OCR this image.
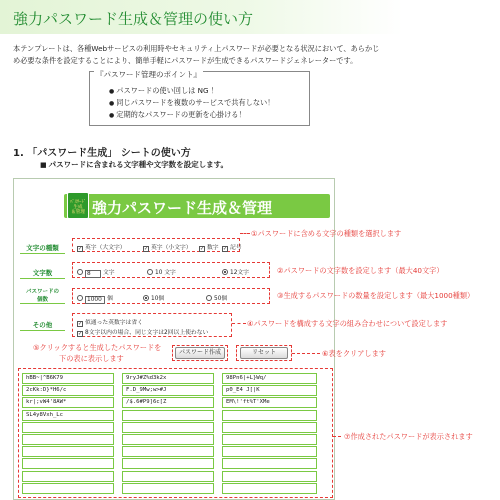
強力パスワード生成＆管理の使い方
本テンプレートは、各種Webサービスの利用時やセキュリティ上パスワードが必要となる状況において、あらかじ
め必要な条件を設定することにより、簡単手軽にパスワードが生成できるパスワードジェネレーターです。
『パスワード管理のポイント』
● パスワードの使い回しは NG ！
● 同じパスワードを複数のサービスで共有しない！
● 定期的なパスワードの更新を心掛ける！
1. 「パスワード生成」 シートの使い方
■ パスワードに含まれる文字種や文字数を設定します。
ﾊﾟｽﾜｰﾄﾞ
生成
＆管理 強力パスワード生成＆管理
文字の種類	✓ 英字（大文字）	✓ 英字（小文字） ✓ 数字 ✓ 記号
①パスワードに含める文字の種類を選択します
文字数	8 文字	10 文字	12文字	②パスワードの文字数を設定します（最大40文字）
パスワードの
個数	1000 個	10個	50個	③生成するパスワードの数量を設定します（最大1000種類）
その他	✓ 似通った英数字は省く
✓ 8文字以内の場合、同じ文字は2回以上使わない
④パスワードを構成する文字の組み合わせについて設定します
⑤クリックすると生成したパスワードを
下の表に表示します
パスワード作成	リセット	⑥表をクリアします
⑦作成されたパスワードが表示されます
hBB~|^B6K79	9ryJ#Z%d3k2x	98Pn6|+L}Wq/
2cKk:D}*H6/c	F.D_9Mw;w>#J	p0_E4 J[|K
kr|;vW4'8AW*	/$.6#P9]6c[Z	EM\!'ft%T'XMe
SL4y8Vxh_Lc
